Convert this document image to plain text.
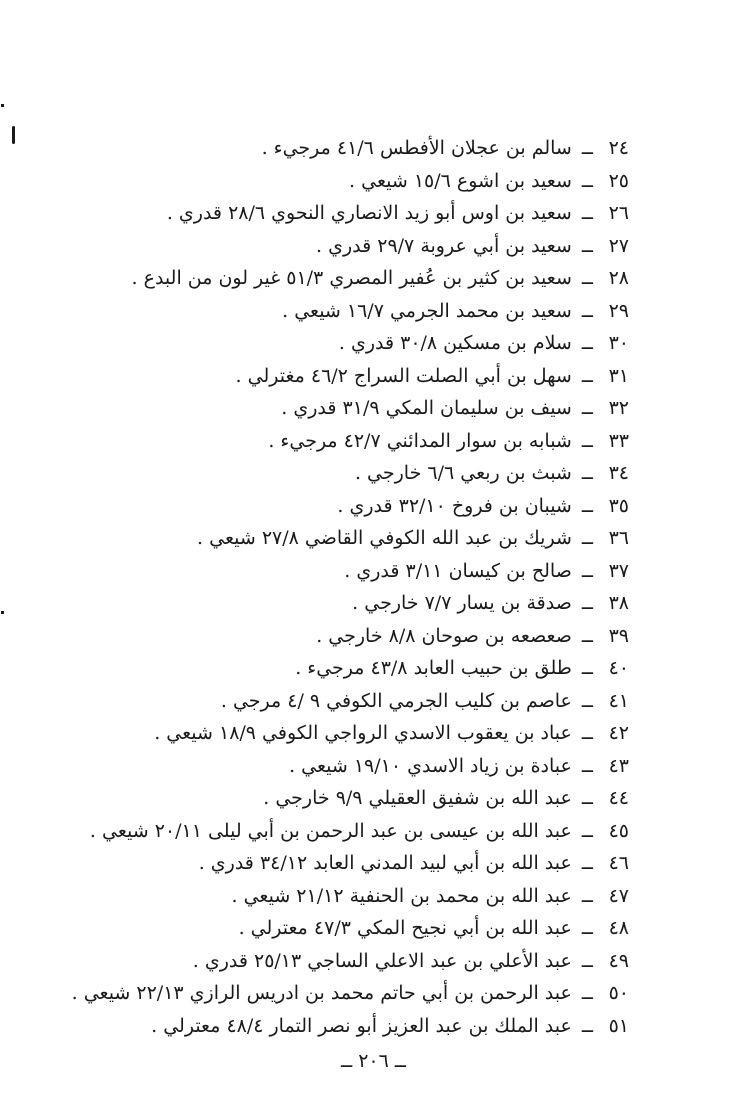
٢٤ــسالم بن عجلان الأفطس ٤١/٦ مرجيء .
٢٥ــسعيد بن اشوع ١٥/٦ شيعي .
٢٦ــسعيد بن اوس أبو زيد الانصاري النحوي ٢٨/٦ قدري .
٢٧ــسعيد بن أبي عروبة ٢٩/٧ قدري .
٢٨ــسعيد بن كثير بن عُفير المصري ٥١/٣ غير لون من البدع .
٢٩ــسعيد بن محمد الجرمي ١٦/٧ شيعي .
٣٠ــسلام بن مسكين ٣٠/٨ قدري .
٣١ــسهل بن أبي الصلت السراج ٤٦/٢ مغترلي .
٣٢ــسيف بن سليمان المكي ٣١/٩ قدري .
٣٣ــشبابه بن سوار المدائني ٤٢/٧ مرجيء .
٣٤ــشبث بن ربعي ٦/٦ خارجي .
٣٥ــشيبان بن فروخ ٣٢/١٠ قدري .
٣٦ــشريك بن عبد الله الكوفي القاضي ٢٧/٨ شيعي .
٣٧ــصالح بن كيسان ٣/١١ قدري .
٣٨ــصدقة بن يسار ٧/٧ خارجي .
٣٩ــصعصعه بن صوحان ٨/٨ خارجي .
٤٠ــطلق بن حبيب العابد ٤٣/٨ مرجيء .
٤١ــعاصم بن كليب الجرمي الكوفي ٩ /٤ مرجي .
٤٢ــعباد بن يعقوب الاسدي الرواجي الكوفي ١٨/٩ شيعي .
٤٣ــعبادة بن زياد الاسدي ١٩/١٠ شيعي .
٤٤ــعبد الله بن شفيق العقيلي ٩/٩ خارجي .
٤٥ــعبد الله بن عيسى بن عبد الرحمن بن أبي ليلى ٢٠/١١ شيعي .
٤٦ــعبد الله بن أبي لبيد المدني العابد ٣٤/١٢ قدري .
٤٧ــعبد الله بن محمد بن الحنفية ٢١/١٢ شيعي .
٤٨ــعبد الله بن أبي نجيح المكي ٤٧/٣ معترلي .
٤٩ــعبد الأعلي بن عبد الاعلي الساجي ٢٥/١٣ قدري .
٥٠ــعبد الرحمن بن أبي حاتم محمد بن ادريس الرازي ٢٢/١٣ شيعي .
٥١ــعبد الملك بن عبد العزيز أبو نصر التمار ٤٨/٤ معترلي .
ــ ٢٠٦ ــ
